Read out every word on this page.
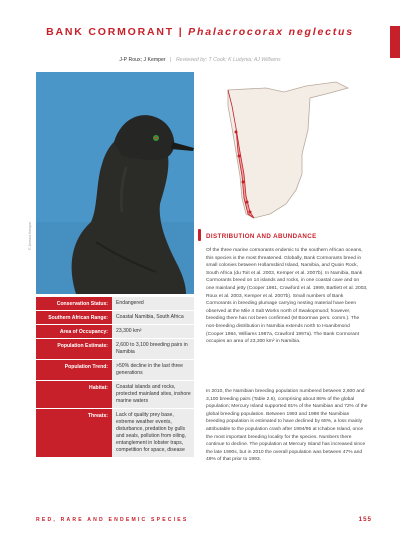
BANK CORMORANT | Phalacrocorax neglectus
J-P Roux; J Kemper | Reviewed by: T Cook; K Ludynia; AJ Williams
© Jessica Kemper	DISTRIBUTION AND ABUNDANCE

Of the three marine cormorants endemic to the southern African oceans, this species is the most threatened. Globally, Bank Cormorants breed in small colonies between Hollamsbird Island, Namibia, and Quoin Rock, South Africa (du Toit et al. 2003, Kemper et al. 2007b). In Namibia, Bank Cormorants breed on 14 islands and rocks, in one coastal cave and on one mainland jetty (Cooper 1981, Crawford et al. 1999, Bartlett et al. 2003, Roux et al. 2003, Kemper et al. 2007b). Small numbers of Bank Cormorants in breeding plumage carrying nesting material have been observed at the Mile 4 Salt Works north of Swakopmund; however, breeding there has not been confirmed (M Boorman pers. comm.). The non-breeding distribution in Namibia extends north to Hoanibmond (Cooper 1984, Williams 1987a, Crawford 1997a). The Bank Cormorant occupies an area of 23,300 km² in Namibia.

In 2010, the Namibian breeding population numbered between 2,600 and 3,100 breeding pairs (Table 2.6), comprising about 86% of the global population; Mercury Island supported 81% of the Namibian and 72% of the global breeding population. Between 1993 and 1998 the Namibian breeding population is estimated to have declined by 68%, a loss mainly attributable to the population crash after 1994/95 at Ichaboe Island, once the most important breeding locality for the species. Numbers there continue to decline. The population at Mercury Island has increased since the late 1990s, but in 2010 the overall population was between 47% and 49% of that prior to 1993.

Conservation Status:	Endangered
Southern African Range:	Coastal Namibia, South Africa
Area of Occupancy:	23,300 km²
Population Estimate:	2,600 to 3,100 breeding pairs in Namibia
Population Trend:	>50% decline in the last three generations
Habitat:	Coastal islands and rocks, protected mainland sites, inshore marine waters
Threats:	Lack of quality prey base, extreme weather events, disturbance, predation by gulls and seals, pollution from oiling, entanglement in lobster traps, competition for space, disease
RED, RARE AND ENDEMIC SPECIES	155
